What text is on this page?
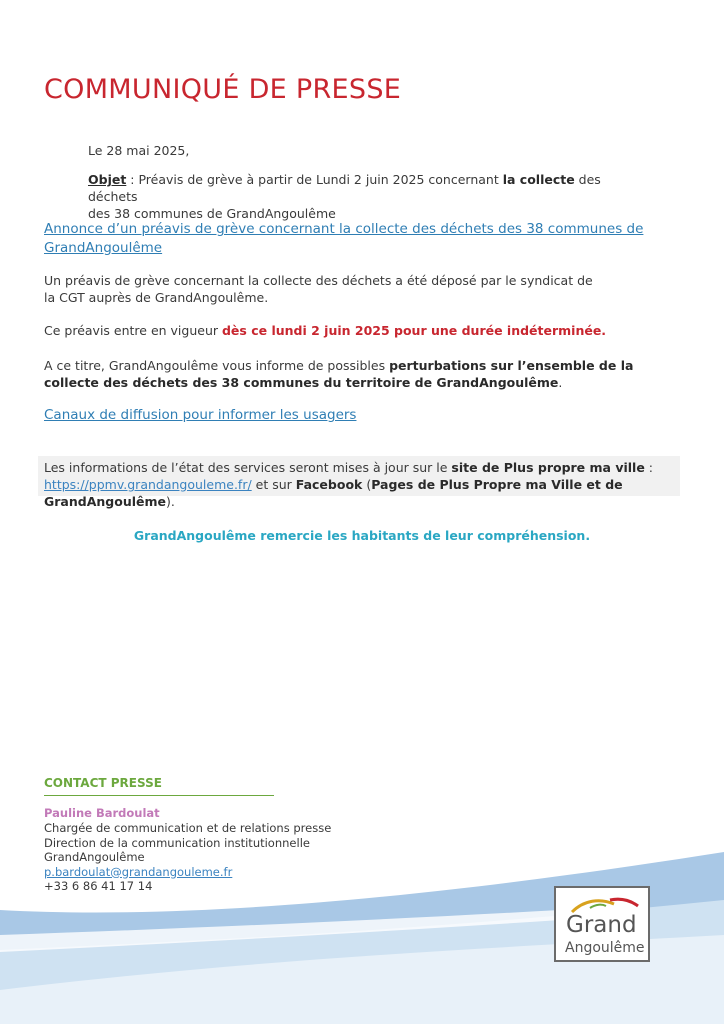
COMMUNIQUÉ DE PRESSE
Le 28 mai 2025,
Objet : Préavis de grève à partir de Lundi 2 juin 2025 concernant la collecte des déchets
des 38 communes de GrandAngoulême
Annonce d’un préavis de grève concernant la collecte des déchets des 38 communes de GrandAngoulême
Un préavis de grève concernant la collecte des déchets a été déposé par le syndicat de la CGT auprès de GrandAngoulême.
Ce préavis entre en vigueur dès ce lundi 2 juin 2025 pour une durée indéterminée.
A ce titre, GrandAngoulême vous informe de possibles perturbations sur l’ensemble de la collecte des déchets des 38 communes du territoire de GrandAngoulême.
Canaux de diffusion pour informer les usagers
Les informations de l’état des services seront mises à jour sur le site de Plus propre ma ville :
https://ppmv.grandangouleme.fr/ et sur Facebook (Pages de Plus Propre ma Ville et de GrandAngoulême).
GrandAngoulême remercie les habitants de leur compréhension.
CONTACT PRESSE
Pauline Bardoulat
Chargée de communication et de relations presse
Direction de la communication institutionnelle
GrandAngoulême
p.bardoulat@grandangouleme.fr
+33 6 86 41 17 14
Grand
Angoulême
